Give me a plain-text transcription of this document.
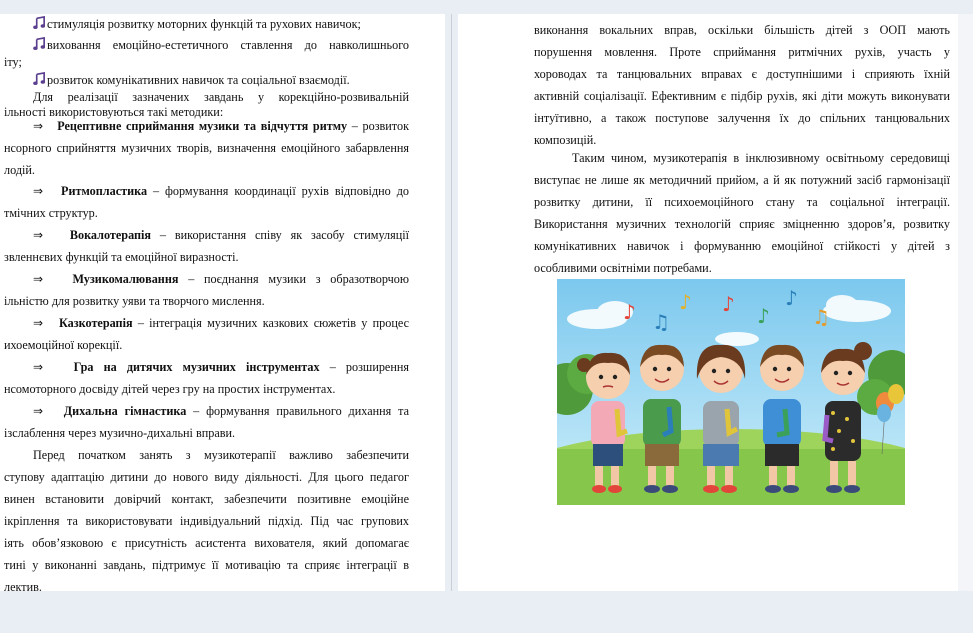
стимуляція розвитку моторних функцій та рухових навичок;
виховання емоційно-естетичного ставлення до навколишнього
розвиток комунікативних навичок та соціальної взаємодії.
іту;
Для реалізації зазначених завдань у корекційно-розвивальній
ільності використовуються такі методики:
⇒ Рецептивне сприймання музики та відчуття ритму – розвиток
нсорного сприйняття музичних творів, визначення емоційного забарвлення
лодій.
⇒ Ритмопластика – формування координації рухів відповідно до
тмічних структур.
⇒ Вокалотерапія – використання співу як засобу стимуляції
звленнєвих функцій та емоційної виразності.
⇒ Музикомалювання – поєднання музики з образотворчою
ільністю для розвитку уяви та творчого мислення.
⇒ Казкотерапія – інтеграція музичних казкових сюжетів у процес
ихоемоційної корекції.
⇒ Гра на дитячих музичних інструментах – розширення
нсомоторного досвіду дітей через гру на простих інструментах.
⇒ Дихальна гімнастика – формування правильного дихання та
ізслаблення через музично-дихальні вправи.
Перед початком занять з музикотерапії важливо забезпечити
ступову адаптацію дитини до нового виду діяльності. Для цього педагог
винен встановити довірчий контакт, забезпечити позитивне емоційне
ікріплення та використовувати індивідуальний підхід. Під час групових
іять обов’язковою є присутність асистента вихователя, який допомагає
тині у виконанні завдань, підтримує її мотивацію та сприяє інтеграції в
лектив.
виконання вокальних вправ, оскільки більшість дітей з ООП мають
порушення мовлення. Проте сприймання ритмічних рухів, участь у
хороводах та танцювальних вправах є доступнішими і сприяють їхній
активній соціалізації. Ефективним є підбір рухів, які діти можуть виконувати
інтуїтивно, а також поступове залучення їх до спільних танцювальних
композицій.
Таким чином, музикотерапія в інклюзивному освітньому середовищі
виступає не лише як методичний прийом, а й як потужний засіб гармонізації
розвитку дитини, її психоемоційного стану та соціальної інтеграції.
Використання музичних технологій сприяє зміцненню здоров’я, розвитку
комунікативних навичок і формуванню емоційної стійкості у дітей з
особливими освітніми потребами.
♪ ♫
♪ ♪ ♪
♪
♫
